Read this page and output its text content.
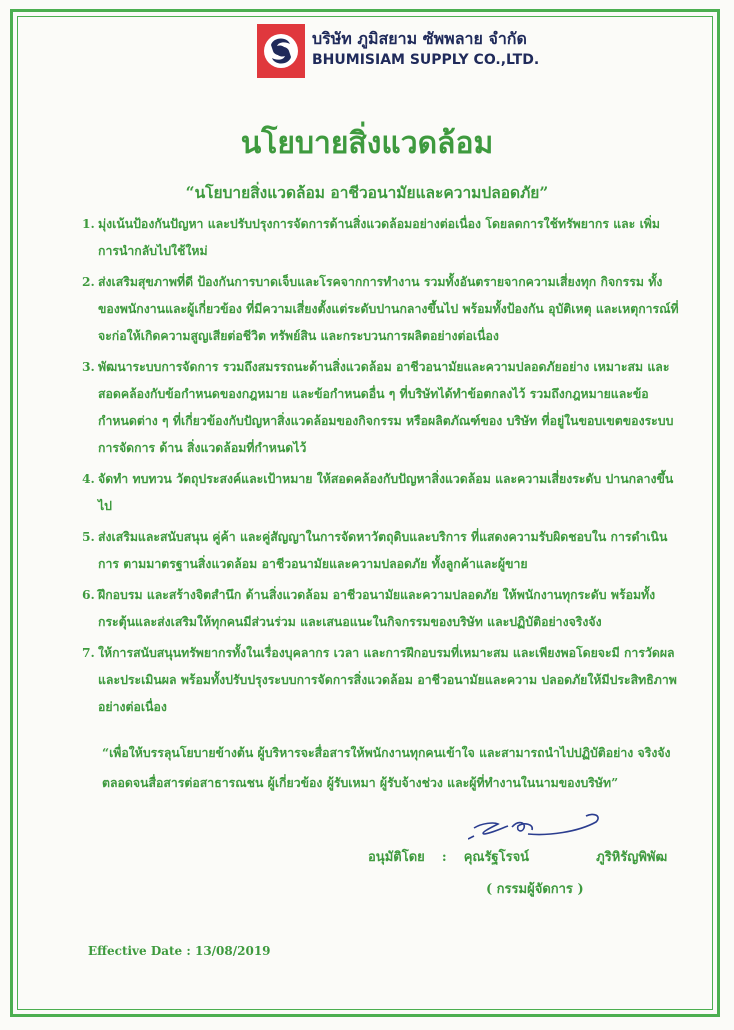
บริษัท ภูมิสยาม ซัพพลาย จำกัด
BHUMISIAM SUPPLY CO.,LTD.
นโยบายสิ่งแวดล้อม
“นโยบายสิ่งแวดล้อม อาชีวอนามัยและความปลอดภัย”
1. มุ่งเน้นป้องกันปัญหา และปรับปรุงการจัดการด้านสิ่งแวดล้อมอย่างต่อเนื่อง โดยลดการใช้ทรัพยากร และ เพิ่มการนำกลับไปใช้ใหม่
2. ส่งเสริมสุขภาพที่ดี ป้องกันการบาดเจ็บและโรคจากการทำงาน รวมทั้งอันตรายจากความเสี่ยงทุก กิจกรรม ทั้งของพนักงานและผู้เกี่ยวข้อง ที่มีความเสี่ยงตั้งแต่ระดับปานกลางขึ้นไป พร้อมทั้งป้องกัน อุบัติเหตุ และเหตุการณ์ที่จะก่อให้เกิดความสูญเสียต่อชีวิต ทรัพย์สิน และกระบวนการผลิตอย่างต่อเนื่อง
3. พัฒนาระบบการจัดการ รวมถึงสมรรถนะด้านสิ่งแวดล้อม อาชีวอนามัยและความปลอดภัยอย่าง เหมาะสม และสอดคล้องกับข้อกำหนดของกฎหมาย และข้อกำหนดอื่น ๆ ที่บริษัทได้ทำข้อตกลงไว้ รวมถึงกฎหมายและข้อกำหนดต่าง ๆ ที่เกี่ยวข้องกับปัญหาสิ่งแวดล้อมของกิจกรรม หรือผลิตภัณฑ์ของ บริษัท ที่อยู่ในขอบเขตของระบบการจัดการ ด้าน สิ่งแวดล้อมที่กำหนดไว้
4. จัดทำ ทบทวน วัตถุประสงค์และเป้าหมาย ให้สอดคล้องกับปัญหาสิ่งแวดล้อม และความเสี่ยงระดับ ปานกลางขึ้นไป
5. ส่งเสริมและสนับสนุน คู่ค้า และคู่สัญญาในการจัดหาวัตถุดิบและบริการ ที่แสดงความรับผิดชอบใน การดำเนินการ ตามมาตรฐานสิ่งแวดล้อม อาชีวอนามัยและความปลอดภัย ทั้งลูกค้าและผู้ขาย
6. ฝึกอบรม และสร้างจิตสำนึก ด้านสิ่งแวดล้อม อาชีวอนามัยและความปลอดภัย ให้พนักงานทุกระดับ พร้อมทั้งกระตุ้นและส่งเสริมให้ทุกคนมีส่วนร่วม และเสนอแนะในกิจกรรมของบริษัท และปฏิบัติอย่างจริงจัง
7. ให้การสนับสนุนทรัพยากรทั้งในเรื่องบุคลากร เวลา และการฝึกอบรมที่เหมาะสม และเพียงพอโดยจะมี การวัดผล และประเมินผล พร้อมทั้งปรับปรุงระบบการจัดการสิ่งแวดล้อม อาชีวอนามัยและความ ปลอดภัยให้มีประสิทธิภาพอย่างต่อเนื่อง
“เพื่อให้บรรลุนโยบายข้างต้น ผู้บริหารจะสื่อสารให้พนักงานทุกคนเข้าใจ และสามารถนำไปปฏิบัติอย่าง จริงจัง ตลอดจนสื่อสารต่อสาธารณชน ผู้เกี่ยวข้อง ผู้รับเหมา ผู้รับจ้างช่วง และผู้ที่ทำงานในนามของบริษัท”
อนุมัติโดย : คุณรัฐโรจน์	ภูริหิรัญพิพัฒ
( กรรมผู้จัดการ )
Effective Date : 13/08/2019
